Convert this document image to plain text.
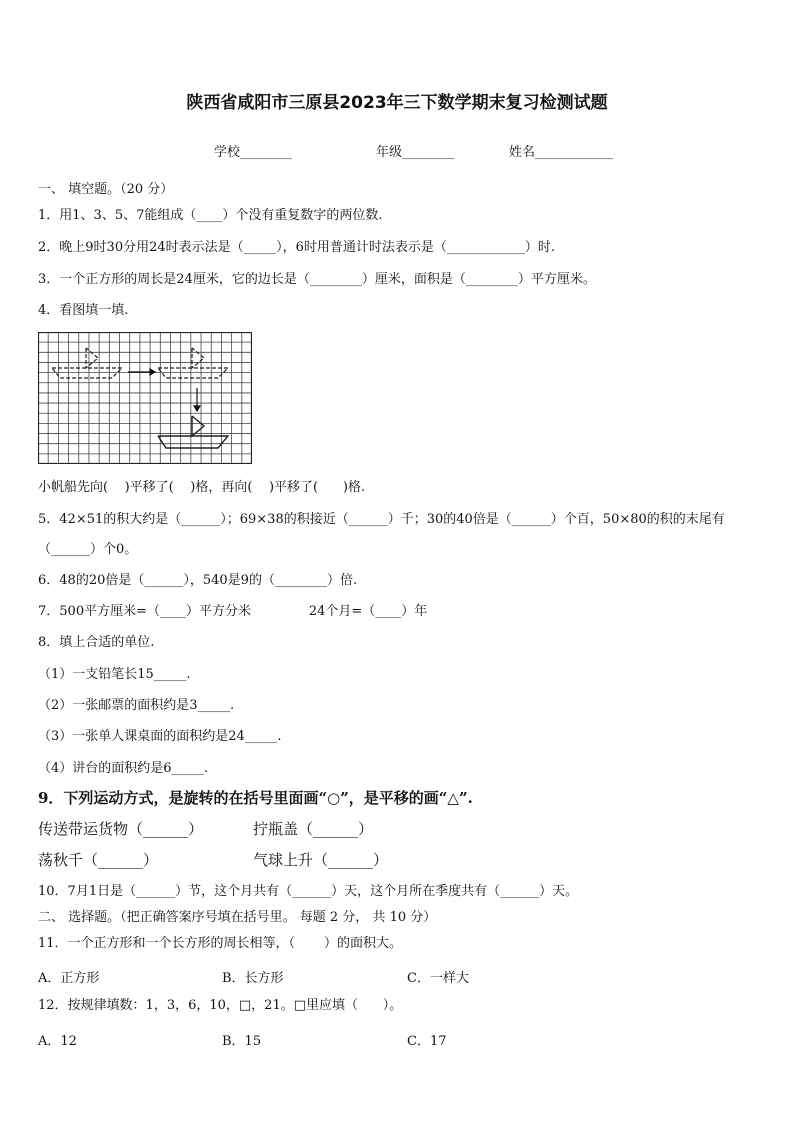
陕西省咸阳市三原县2023年三下数学期末复习检测试题
学校________	年级________	姓名____________
一、 填空题。（20 分）
1．用1、3、5、7能组成（____）个没有重复数字的两位数.
2．晚上9时30分用24时表示法是（_____），6时用普通计时法表示是（____________）时.
3．一个正方形的周长是24厘米，它的边长是（________）厘米，面积是（________）平方厘米。
4．看图填一填.
小帆船先向(    )平移了(    )格，再向(    )平移了(      )格.
5．42×51的积大约是（______）；69×38的积接近（______）千；30的40倍是（______）个百，50×80的积的末尾有
（______）个0。
6．48的20倍是（______），540是9的（________）倍.
7．500平方厘米=（____）平方分米              24个月=（____）年
8．填上合适的单位.
（1）一支铅笔长15_____.
（2）一张邮票的面积约是3_____.
（3）一张单人课桌面的面积约是24_____.
（4）讲台的面积约是6_____.
9．下列运动方式，是旋转的在括号里面画“○”，是平移的画“△”.
传送带运货物（______）	拧瓶盖（______）
荡秋千（______）	气球上升（______）
10．7月1日是（______）节，这个月共有（______）天，这个月所在季度共有（______）天。
二、 选择题。（把正确答案序号填在括号里。 每题 2 分， 共 10 分）
11．一个正方形和一个长方形的周长相等，（       ）的面积大。
A．正方形	B．长方形	C．一样大
12．按规律填数：1，3，6，10，□，21。□里应填（      ）。
A．12	B．15	C．17
